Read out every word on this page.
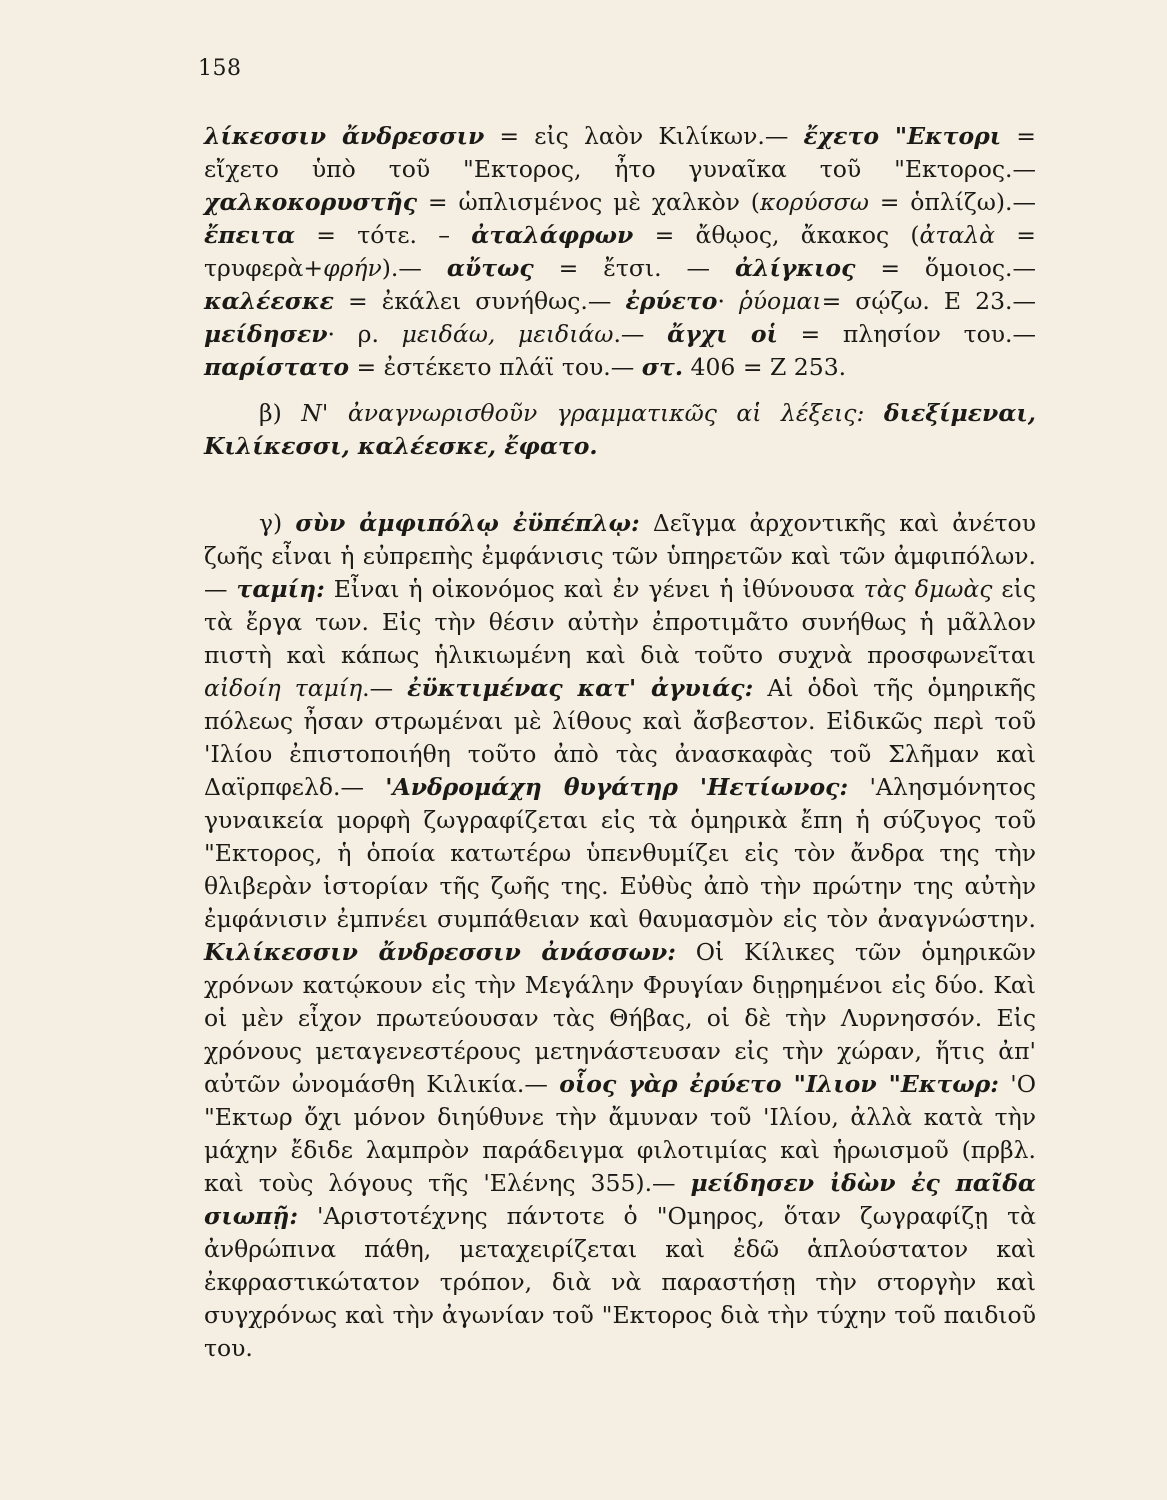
158

λίκεσσιν ἄνδρεσσιν = εἰς λαὸν Κιλίκων.— ἔχετο "Εκτορι = εἴχετο ὑπὸ τοῦ "Εκτορος, ἦτο γυναῖκα τοῦ "Εκτορος.— χαλκοκορυστῆς = ὡπλισμένος μὲ χαλκὸν (κορύσσω = ὁπλίζω).— ἔπειτα = τότε. – ἀταλάφρων = ἄθῳος, ἄκακος (ἀταλὰ = τρυφερὰ+φρήν).— αὔτως = ἔτσι. — ἀλίγκιος = ὅμοιος.— καλέεσκε = ἐκάλει συνήθως.— ἐρύετο· ῥύομαι= σῴζω. Ε 23.— μείδησεν· ρ. μειδάω, μειδιάω.— ἄγχι οἱ = πλησίον του.— παρίστατο = ἐστέκετο πλάϊ του.— στ. 406 = Ζ 253.

β) Ν' ἀναγνωρισθοῦν γραμματικῶς αἱ λέξεις: διεξίμεναι, Κιλίκεσσι, καλέεσκε, ἔφατο.

γ) σὺν ἀμφιπόλῳ ἐϋπέπλῳ: Δεῖγμα ἀρχοντικῆς καὶ ἀνέτου ζωῆς εἶναι ἡ εὐπρεπὴς ἐμφάνισις τῶν ὑπηρετῶν καὶ τῶν ἀμφιπόλων.— ταμίη: Εἶναι ἡ οἰκονόμος καὶ ἐν γένει ἡ ἰθύνουσα τὰς δμωὰς εἰς τὰ ἔργα των. Εἰς τὴν θέσιν αὐτὴν ἐπροτιμᾶτο συνήθως ἡ μᾶλλον πιστὴ καὶ κάπως ἡλικιωμένη καὶ διὰ τοῦτο συχνὰ προσφωνεῖται αἰδοίη ταμίη.— ἐϋκτιμένας κατ' ἀγυιάς: Αἱ ὁδοὶ τῆς ὁμηρικῆς πόλεως ἦσαν στρωμέναι μὲ λίθους καὶ ἄσβεστον. Εἰδικῶς περὶ τοῦ 'Ιλίου ἐπιστοποιήθη τοῦτο ἀπὸ τὰς ἀνασκαφὰς τοῦ Σλῆμαν καὶ Δαϊρπφελδ.— 'Ανδρομάχη θυγάτηρ 'Ηετίωνος: 'Αλησμόνητος γυναικεία μορφὴ ζωγραφίζεται εἰς τὰ ὁμηρικὰ ἔπη ἡ σύζυγος τοῦ "Εκτορος, ἡ ὁποία κατωτέρω ὑπενθυμίζει εἰς τὸν ἄνδρα της τὴν θλιβερὰν ἱστορίαν τῆς ζωῆς της. Εὐθὺς ἀπὸ τὴν πρώτην της αὐτὴν ἐμφάνισιν ἐμπνέει συμπάθειαν καὶ θαυμασμὸν εἰς τὸν ἀναγνώστην. Κιλίκεσσιν ἄνδρεσσιν ἀνάσσων: Οἱ Κίλικες τῶν ὁμηρικῶν χρόνων κατῴκουν εἰς τὴν Μεγάλην Φρυγίαν διῃρημένοι εἰς δύο. Καὶ οἱ μὲν εἶχον πρωτεύουσαν τὰς Θήβας, οἱ δὲ τὴν Λυρνησσόν. Εἰς χρόνους μεταγενεστέρους μετηνάστευσαν εἰς τὴν χώραν, ἥτις ἀπ' αὐτῶν ὠνομάσθη Κιλικία.— οἷος γὰρ ἐρύετο "Ιλιον "Εκτωρ: 'Ο "Εκτωρ ὄχι μόνον διηύθυνε τὴν ἄμυναν τοῦ 'Ιλίου, ἀλλὰ κατὰ τὴν μάχην ἔδιδε λαμπρὸν παράδειγμα φιλοτιμίας καὶ ἡρωισμοῦ (πρβλ. καὶ τοὺς λόγους τῆς 'Ελένης 355).— μείδησεν ἰδὼν ἐς παῖδα σιωπῇ: 'Αριστοτέχνης πάντοτε ὁ "Ομηρος, ὅταν ζωγραφίζῃ τὰ ἀνθρώπινα πάθη, μεταχειρίζεται καὶ ἐδῶ ἁπλούστατον καὶ ἐκφραστικώτατον τρόπον, διὰ νὰ παραστήσῃ τὴν στοργὴν καὶ συγχρόνως καὶ τὴν ἀγωνίαν τοῦ "Εκτορος διὰ τὴν τύχην τοῦ παιδιοῦ του.
